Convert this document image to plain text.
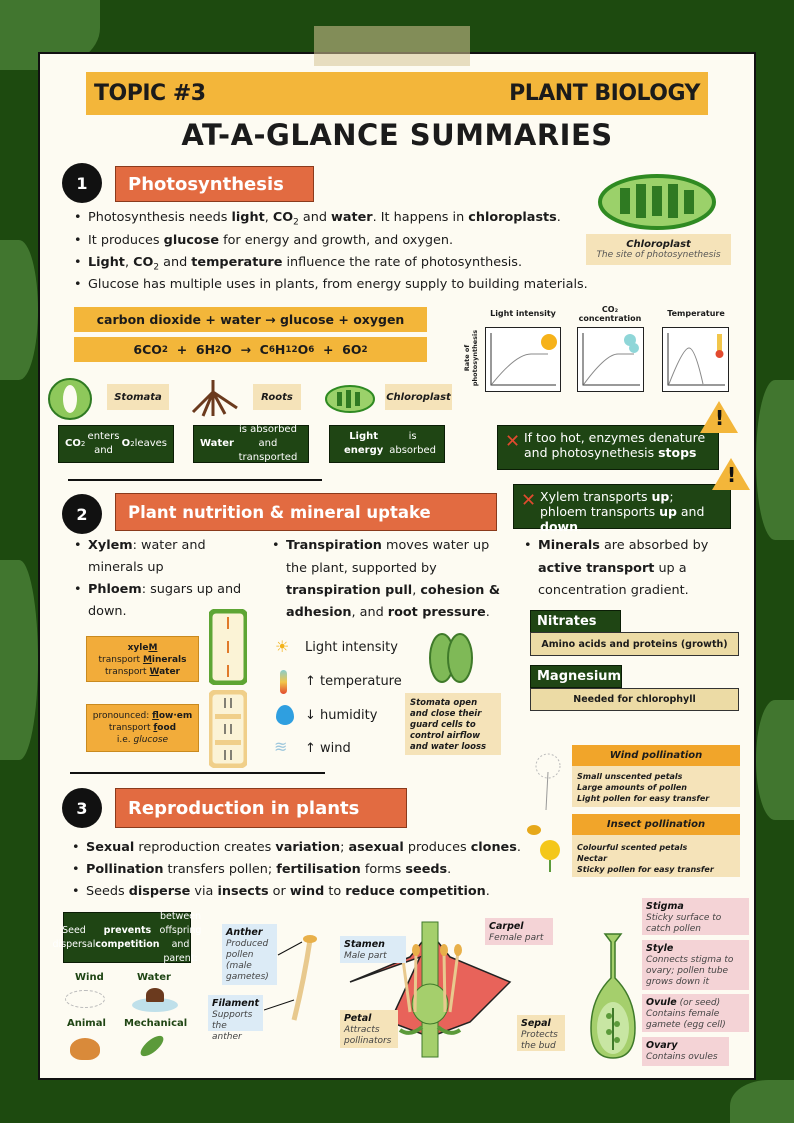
TOPIC #3	PLANT BIOLOGY
AT-A-GLANCE SUMMARIES
1	Photosynthesis
• Photosynthesis needs light, $CO_2$ and water. It happens in chloroplasts.
• It produces glucose for energy and growth, and oxygen.
• Light, $CO_2$ and temperature influence the rate of photosynthesis.
• Glucose has multiple uses in plants, from energy supply to building materials.
Chloroplast
The site of photosynethesis
carbon dioxide + water → glucose + oxygen
6CO 2 +  6H 2 O  →  C 6 H 12 O 6 +  6O 2	Rate of photosynthesis
Light intensity	CO₂ concentration
Temperature
Stomata	Roots	Chloroplast
CO 2
enters and
O 2 leaves	Water
is absorbed and transported
Light energy
is absorbed	✕ If too hot, enzymes denature and photosynethesis stops
!
✕ Xylem transports up; phloem transports up and down.
!
2	Plant nutrition & mineral uptake
• Xylem: water and
minerals up
• Phloem: sugars up and
down.
• Transpiration moves water up
the plant, supported by
transpiration pull, cohesion &
adhesion, and root pressure.
• Minerals are absorbed by
active transport up a
concentration gradient.
xyleM
transport Minerals
transport Water
pronounced: flow·em
transport food
i.e. glucose
☀ Light intensity
↑ temperature
↓ humidity
≋ ↑ wind
Stomata open and close their guard cells to control airflow and water looss
Nitrates
Amino acids and proteins (growth)
Magnesium
Needed for chlorophyll
3	Reproduction in plants
• Sexual reproduction creates variation; asexual produces clones.
• Pollination transfers pollen; fertilisation forms seeds.
• Seeds disperse via insects or wind to reduce competition.
Wind pollination
Small unscented petals
Large amounts of pollen
Light pollen for easy transfer
Insect pollination
Colourful scented petals
Nectar
Sticky pollen for easy transfer
Seed dispersal
prevents competition
between offspring and parent:
Wind	Water
Animal Mechanical
Anther
Produced pollen (male gametes)
Filament
Supports the anther
Stamen
Male part
Carpel
Female part
Petal
Attracts pollinators
Sepal
Protects the bud
Stigma
Sticky surface to catch pollen
Style
Connects stigma to ovary; pollen tube grows down it
Ovule (or seed)
Contains female gamete (egg cell)
Ovary
Contains ovules
